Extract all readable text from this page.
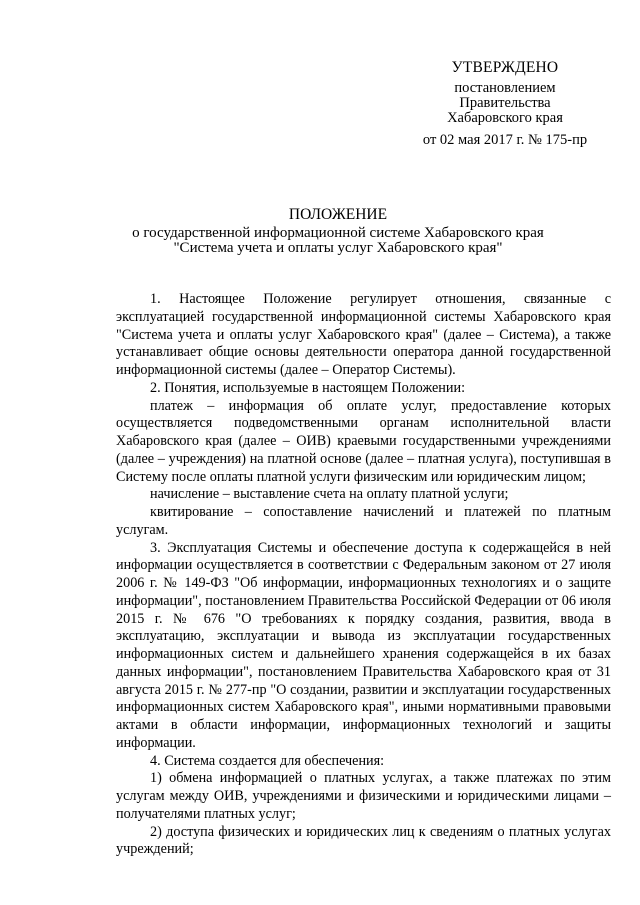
УТВЕРЖДЕНО
постановлением
Правительства
Хабаровского края
от 02 мая 2017 г. № 175-пр
ПОЛОЖЕНИЕ
о государственной информационной системе Хабаровского края
"Система учета и оплаты услуг Хабаровского края"

1. Настоящее Положение регулирует отношения, связанные с эксплуатацией государственной информационной системы Хабаровского края "Система учета и оплаты услуг Хабаровского края" (далее – Система), а также устанавливает общие основы деятельности оператора данной государственной информационной системы (далее – Оператор Системы).

2. Понятия, используемые в настоящем Положении:

платеж – информация об оплате услуг, предоставление которых осуществляется подведомственными органам исполнительной власти Хабаровского края (далее – ОИВ) краевыми государственными учреждениями (далее – учреждения) на платной основе (далее – платная услуга), поступившая в Систему после оплаты платной услуги физическим или юридическим лицом;

начисление – выставление счета на оплату платной услуги;

квитирование – сопоставление начислений и платежей по платным услугам.

3. Эксплуатация Системы и обеспечение доступа к содержащейся в ней информации осуществляется в соответствии с Федеральным законом от 27 июля 2006 г. № 149-ФЗ "Об информации, информационных технологиях и о защите информации", постановлением Правительства Российской Федерации от 06 июля 2015 г. № 676 "О требованиях к порядку создания, развития, ввода в эксплуатацию, эксплуатации и вывода из эксплуатации государственных информационных систем и дальнейшего хранения содержащейся в их базах данных информации", постановлением Правительства Хабаровского края от 31 августа 2015 г. № 277-пр "О создании, развитии и эксплуатации государственных информационных систем Хабаровского края", иными нормативными правовыми актами в области информации, информационных технологий и защиты информации.

4. Система создается для обеспечения:

1) обмена информацией о платных услугах, а также платежах по этим услугам между ОИВ, учреждениями и физическими и юридическими лицами – получателями платных услуг;

2) доступа физических и юридических лиц к сведениям о платных услугах учреждений;
